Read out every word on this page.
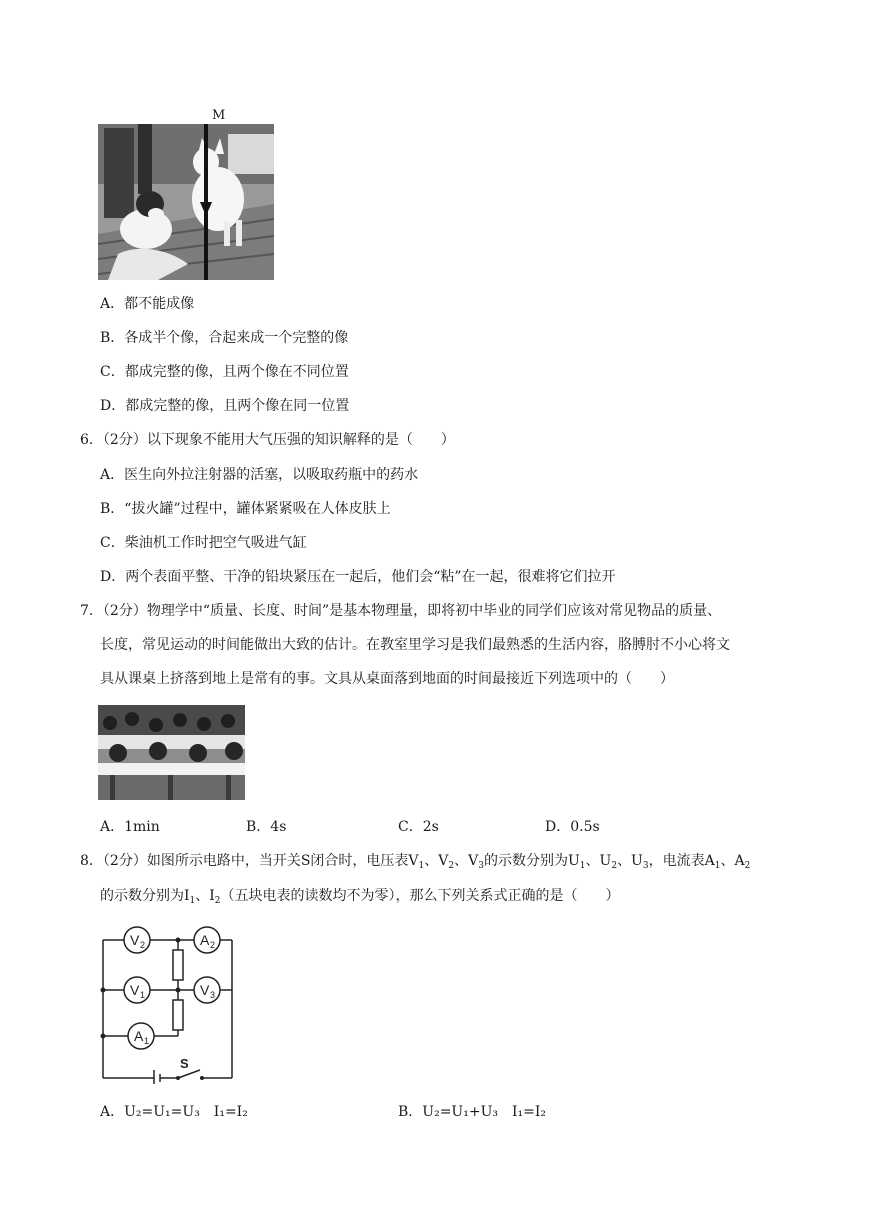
M
A．都不能成像
B．各成半个像，合起来成一个完整的像
C．都成完整的像，且两个像在不同位置
D．都成完整的像，且两个像在同一位置
6．（2分）以下现象不能用大气压强的知识解释的是（　　）
A．医生向外拉注射器的活塞，以吸取药瓶中的药水
B．“拔火罐”过程中，罐体紧紧吸在人体皮肤上
C．柴油机工作时把空气吸进气缸
D．两个表面平整、干净的铅块紧压在一起后，他们会“粘”在一起，很难将它们拉开
7．（2分）物理学中“质量、长度、时间”是基本物理量，即将初中毕业的同学们应该对常见物品的质量、
长度，常见运动的时间能做出大致的估计。在教室里学习是我们最熟悉的生活内容，胳膊肘不小心将文
具从课桌上挤落到地上是常有的事。文具从桌面落到地面的时间最接近下列选项中的（　　）
A．1min	B．4s	C．2s	D．0.5s
8．（2分）如图所示电路中，当开关S闭合时，电压表$V_1$、$V_2$、$V_3$的示数分别为$U_1$、$U_2$、$U_3$，电流表$A_1$、$A_2$
的示数分别为$I_1$、$I_2$（五块电表的读数均不为零），那么下列关系式正确的是（　　）
V 2	A 2
V 1	V 3
A 1
S
A．U₂=U₁=U₃　I₁=I₂	B．U₂=U₁+U₃　I₁=I₂
